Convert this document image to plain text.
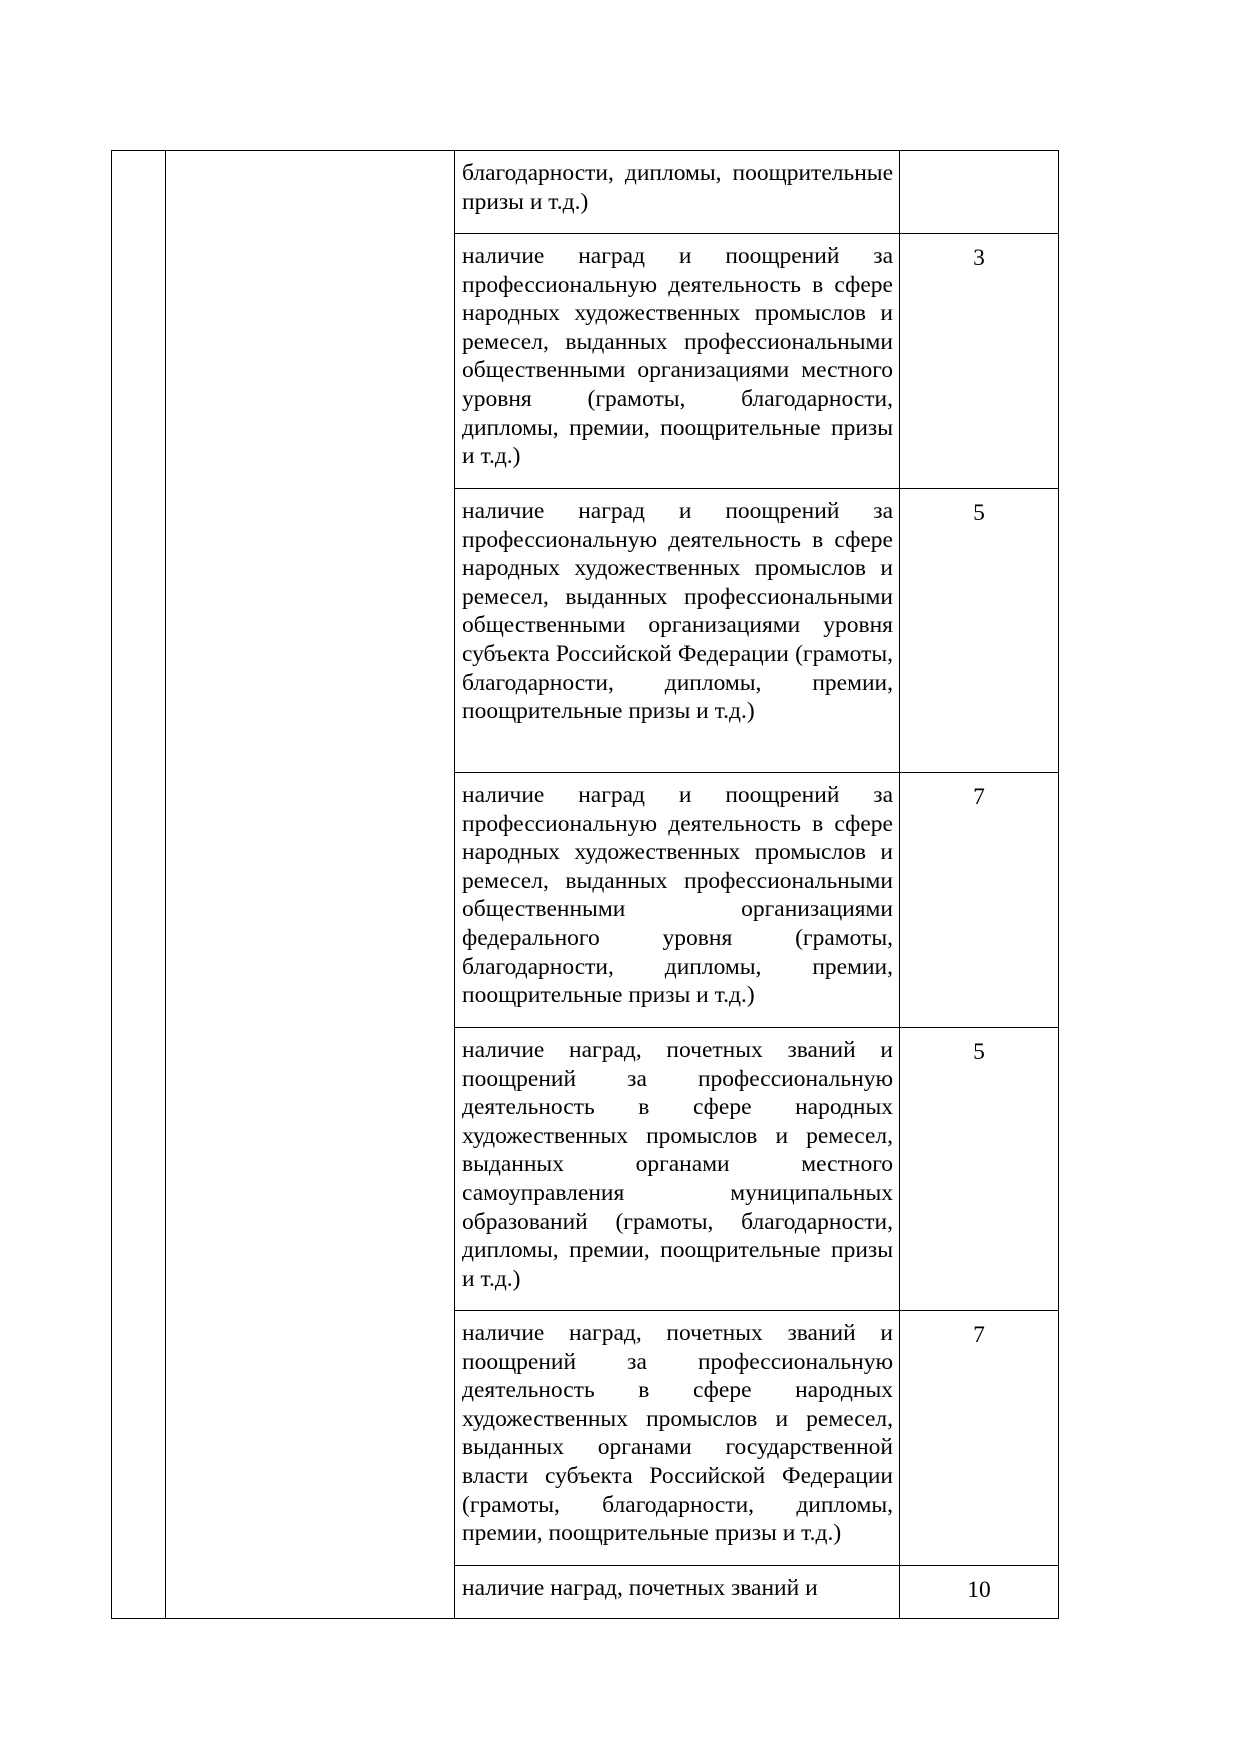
		благодарности, дипломы, поощрительные призы и т.д.)	
		наличие наград и поощрений за профессиональную деятельность в сфере народных художественных промыслов и ремесел, выданных профессиональными общественными организациями местного уровня (грамоты, благодарности, дипломы, премии, поощрительные призы и т.д.)	3
		наличие наград и поощрений за профессиональную деятельность в сфере народных художественных промыслов и ремесел, выданных профессиональными общественными организациями уровня субъекта Российской Федерации (грамоты, благодарности, дипломы, премии, поощрительные призы и т.д.)	5
		наличие наград и поощрений за профессиональную деятельность в сфере народных художественных промыслов и ремесел, выданных профессиональными общественными организациями федерального уровня (грамоты, благодарности, дипломы, премии, поощрительные призы и т.д.)	7
		наличие наград, почетных званий и поощрений за профессиональную деятельность в сфере народных художественных промыслов и ремесел, выданных органами местного самоуправления муниципальных образований (грамоты, благодарности, дипломы, премии, поощрительные призы и т.д.)	5
		наличие наград, почетных званий и поощрений за профессиональную деятельность в сфере народных художественных промыслов и ремесел, выданных органами государственной власти субъекта Российской Федерации (грамоты, благодарности, дипломы, премии, поощрительные призы и т.д.)	7
		наличие наград, почетных званий и	10
